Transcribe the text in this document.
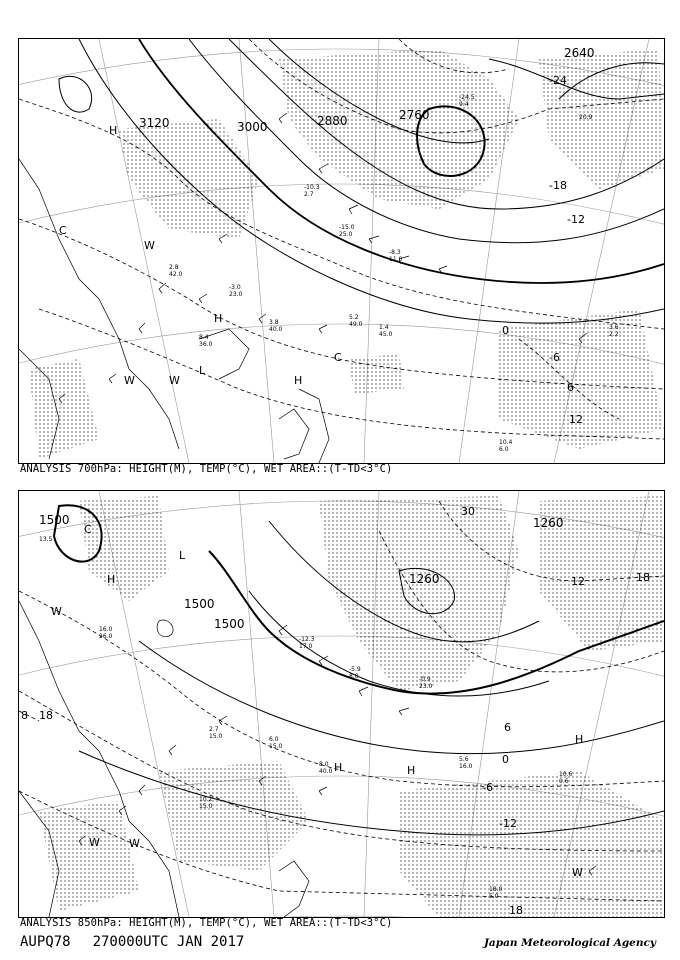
-10.3
2.7
-15.0
25.0
-8.3
11.0
-24.5
9.4
2.8
42.0
-3.0
23.0
3.8
40.0	1.4
45.0
5.2
49.0	3.6
2.2
10.4
6.0
8.4
36.0
20.9
3120	3000	2880	2760
2640
-12
-18
-24
0
-6
6
12
H
H
L
H
C
C
W
W
W
ANALYSIS 700hPa: HEIGHT(M), TEMP(°C), WET AREA::(T-TD<3°C)
-12.3
17.0
-5.9
8.0	-0.9
23.0
2.7
15.0	6.0
15.0
8.0
40.0
5.6
16.0
10.6
0.6
18.0
5.0
10.2
15.0
13.5
16.0
26.0
1500
1500
1500
1260
1260
18
12
6
0
-6
-12
18
30
8
18
H
L
H	H
H
W
W	W
W
C
ANALYSIS 850hPa: HEIGHT(M), TEMP(°C), WET AREA::(T-TD<3°C)
AUPQ78 270000UTC JAN 2017	Japan Meteorological Agency
